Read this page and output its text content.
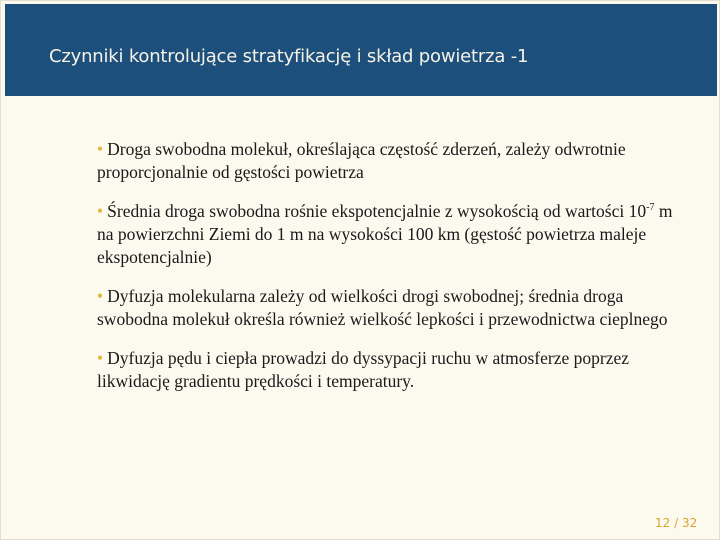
Czynniki kontrolujące stratyfikację i skład powietrza -1
• Droga swobodna molekuł, określająca częstość zderzeń, zależy odwrotnie proporcjonalnie od gęstości powietrza
• Średnia droga swobodna rośnie ekspotencjalnie z wysokością od wartości $10^{-7}$ m na powierzchni Ziemi do 1 m na wysokości 100 km (gęstość powietrza maleje ekspotencjalnie)
• Dyfuzja molekularna zależy od wielkości drogi swobodnej; średnia droga swobodna molekuł określa również wielkość lepkości i przewodnictwa cieplnego
• Dyfuzja pędu i ciepła prowadzi do dyssypacji ruchu w atmosferze poprzez likwidację gradientu prędkości i temperatury.
12 / 32
